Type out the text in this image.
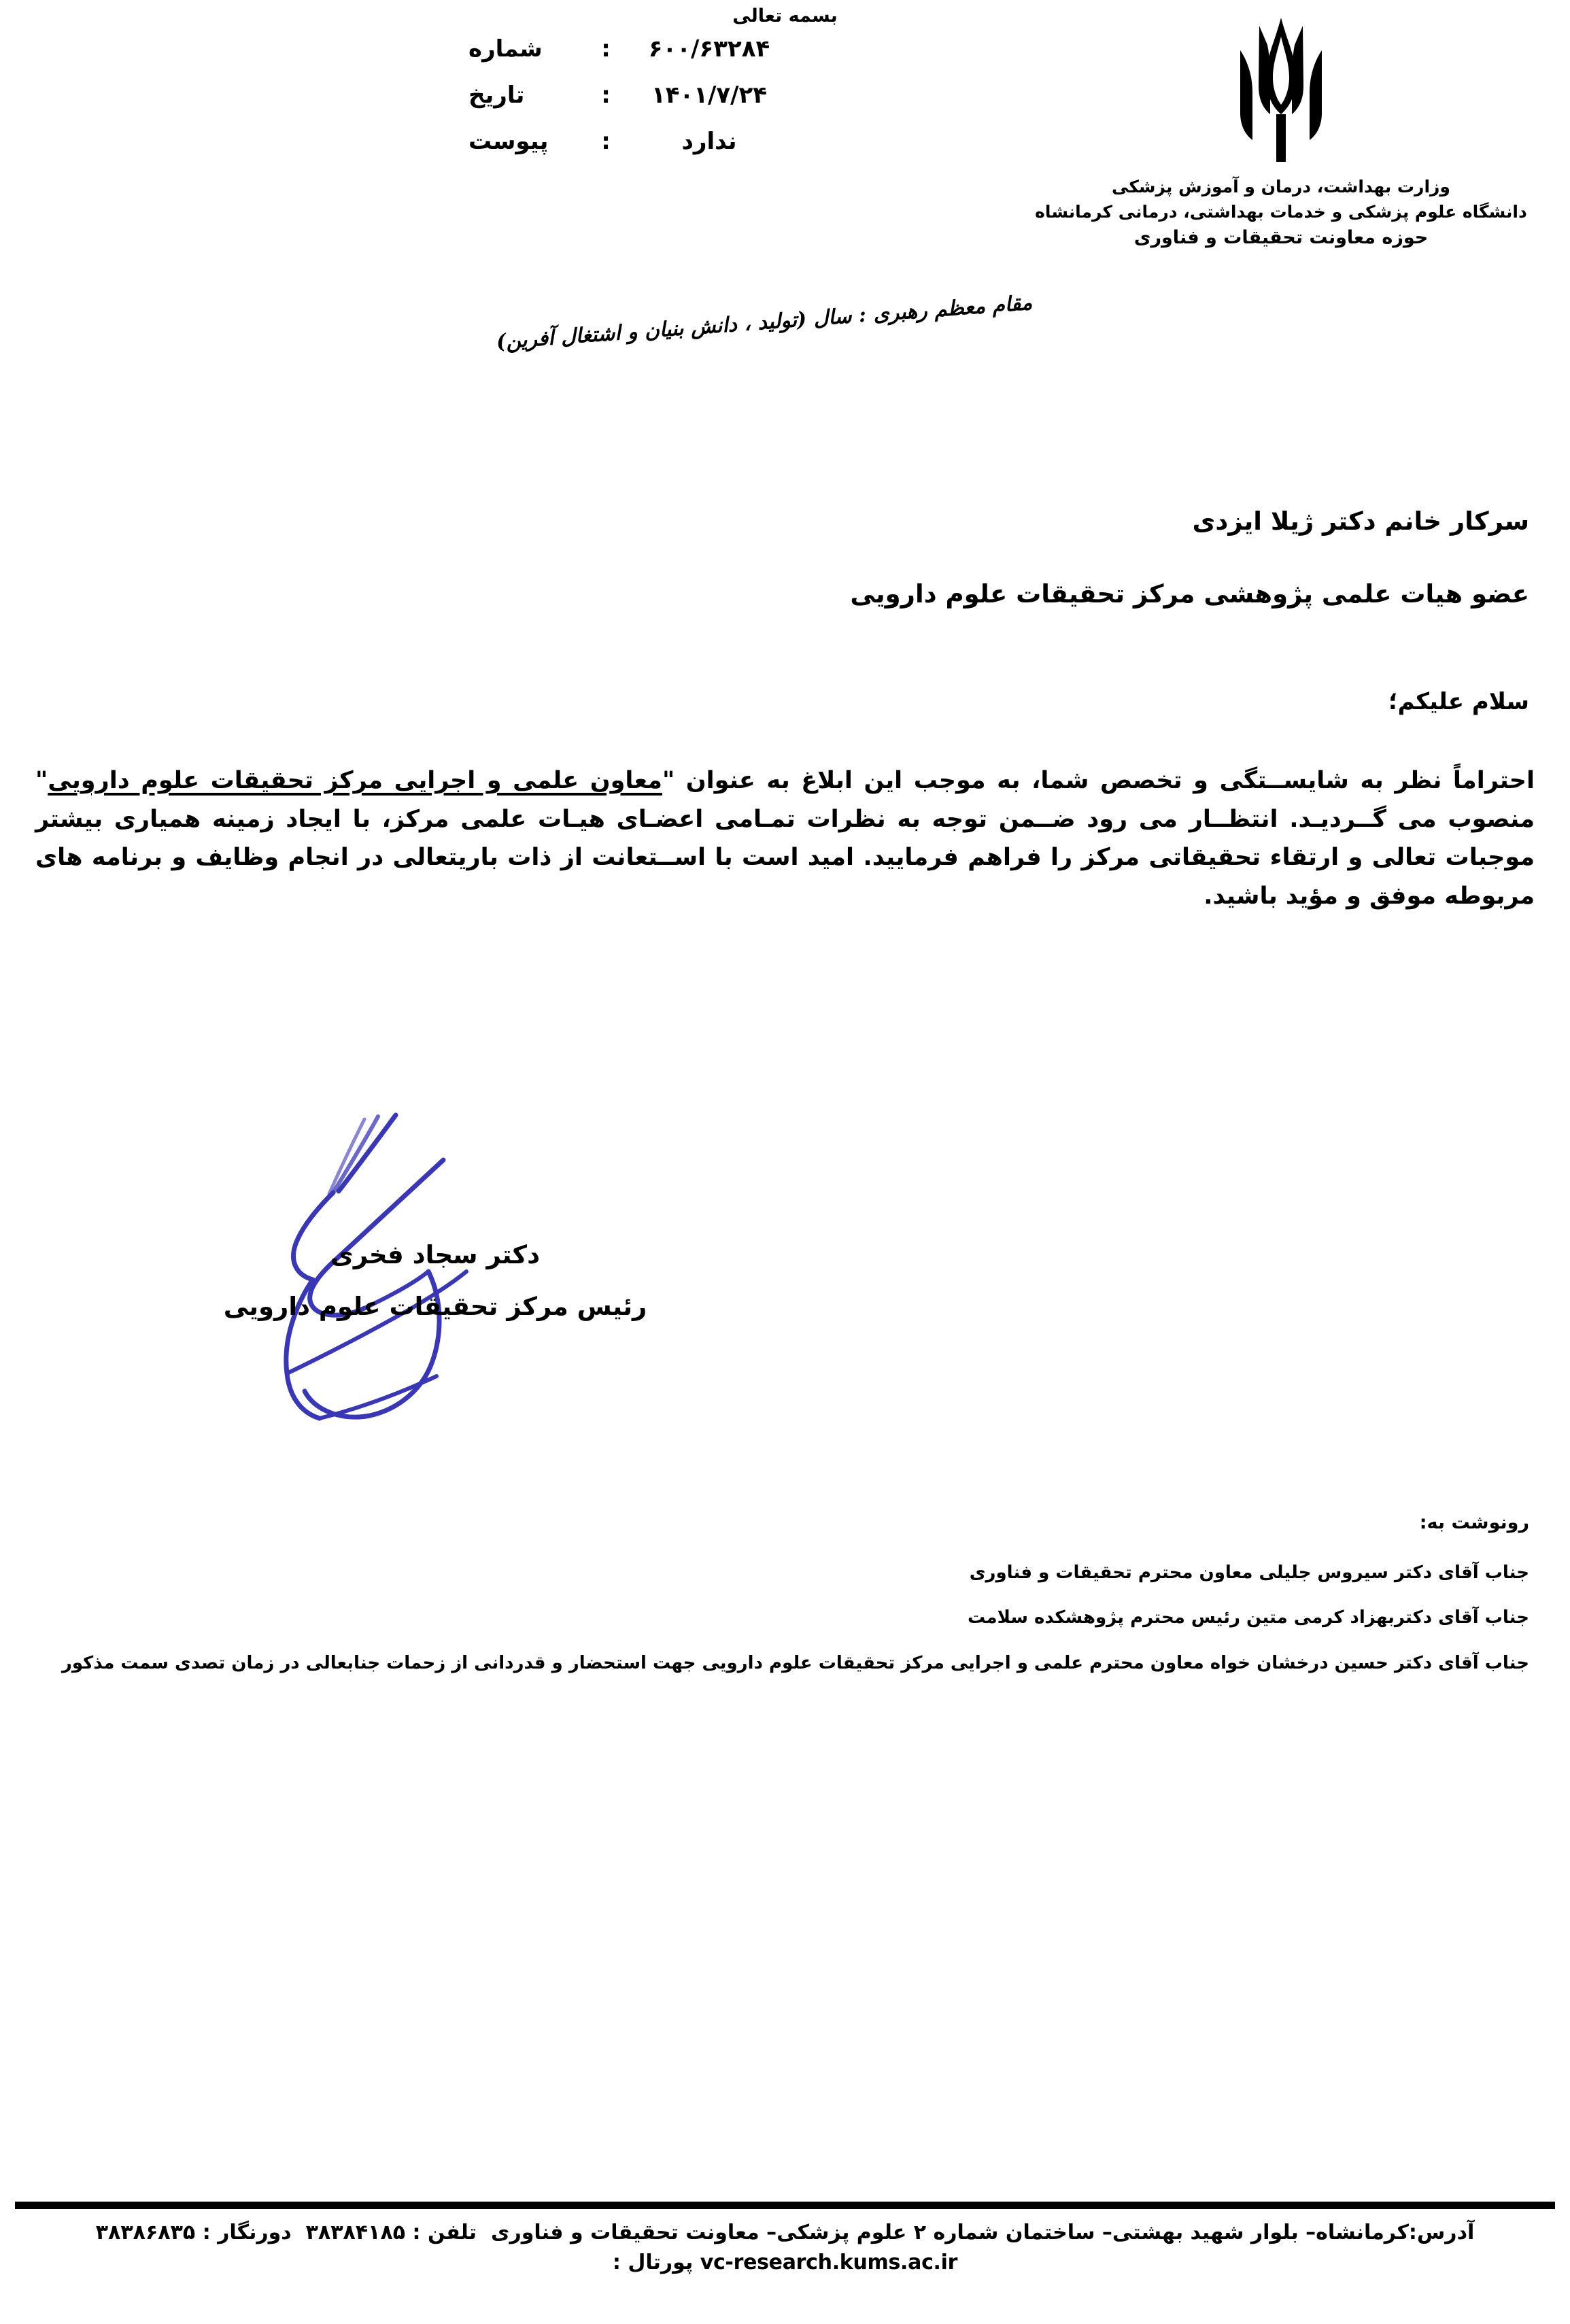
بسمه تعالی
۶۰۰/۶۳۲۸۴
:
شماره
۱۴۰۱/۷/۲۴
:
تاریخ
ندارد
:
پیوست
وزارت بهداشت، درمان و آموزش پزشکی
دانشگاه علوم پزشکی و خدمات بهداشتی، درمانی کرمانشاه
حوزه معاونت تحقیقات و فناوری
مقام معظم رهبری : سال (تولید ، دانش بنیان و اشتغال آفرین)
سرکار خانم دکتر ژیلا ایزدی
عضو هیات علمی پژوهشی مرکز تحقیقات علوم دارویی
سلام علیکم؛

احتراماً نظر به شایســتگی و تخصص شما، به موجب این ابلاغ به عنوان "معاون علمی و اجرایی مرکز تحقیقات علوم دارویی" منصوب می گــردیـد. انتظــار می رود ضــمن توجه به نظرات تمـامی اعضـای هیـات علمی مرکز، با ایجاد زمینه همیاری بیشتر موجبات تعالی و ارتقاء تحقیقاتی مرکز را فراهم فرمایید. امید است با اســتعانت از ذات باریتعالی در انجام وظایف و برنامه های مربوطه موفق و مؤید باشید.

دکتر سجاد فخری
رئیس مرکز تحقیقات علوم دارویی
رونوشت به:
جناب آقای دکتر سیروس جلیلی معاون محترم تحقیقات و فناوری
جناب آقای دکتربهزاد کرمی متین رئیس محترم پژوهشکده سلامت
جناب آقای دکتر حسین درخشان خواه معاون محترم علمی و اجرایی مرکز تحقیقات علوم دارویی جهت استحضار و قدردانی از زحمات جنابعالی در زمان تصدی سمت مذکور
آدرس:کرمانشاه– بلوار شهید بهشتی– ساختمان شماره ۲ علوم پزشکی– معاونت تحقیقات و فناوری  تلفن : ۳۸۳۸۴۱۸۵  دورنگار : ۳۸۳۸۶۸۳۵
vc-research.kums.ac.ir پورتال :
